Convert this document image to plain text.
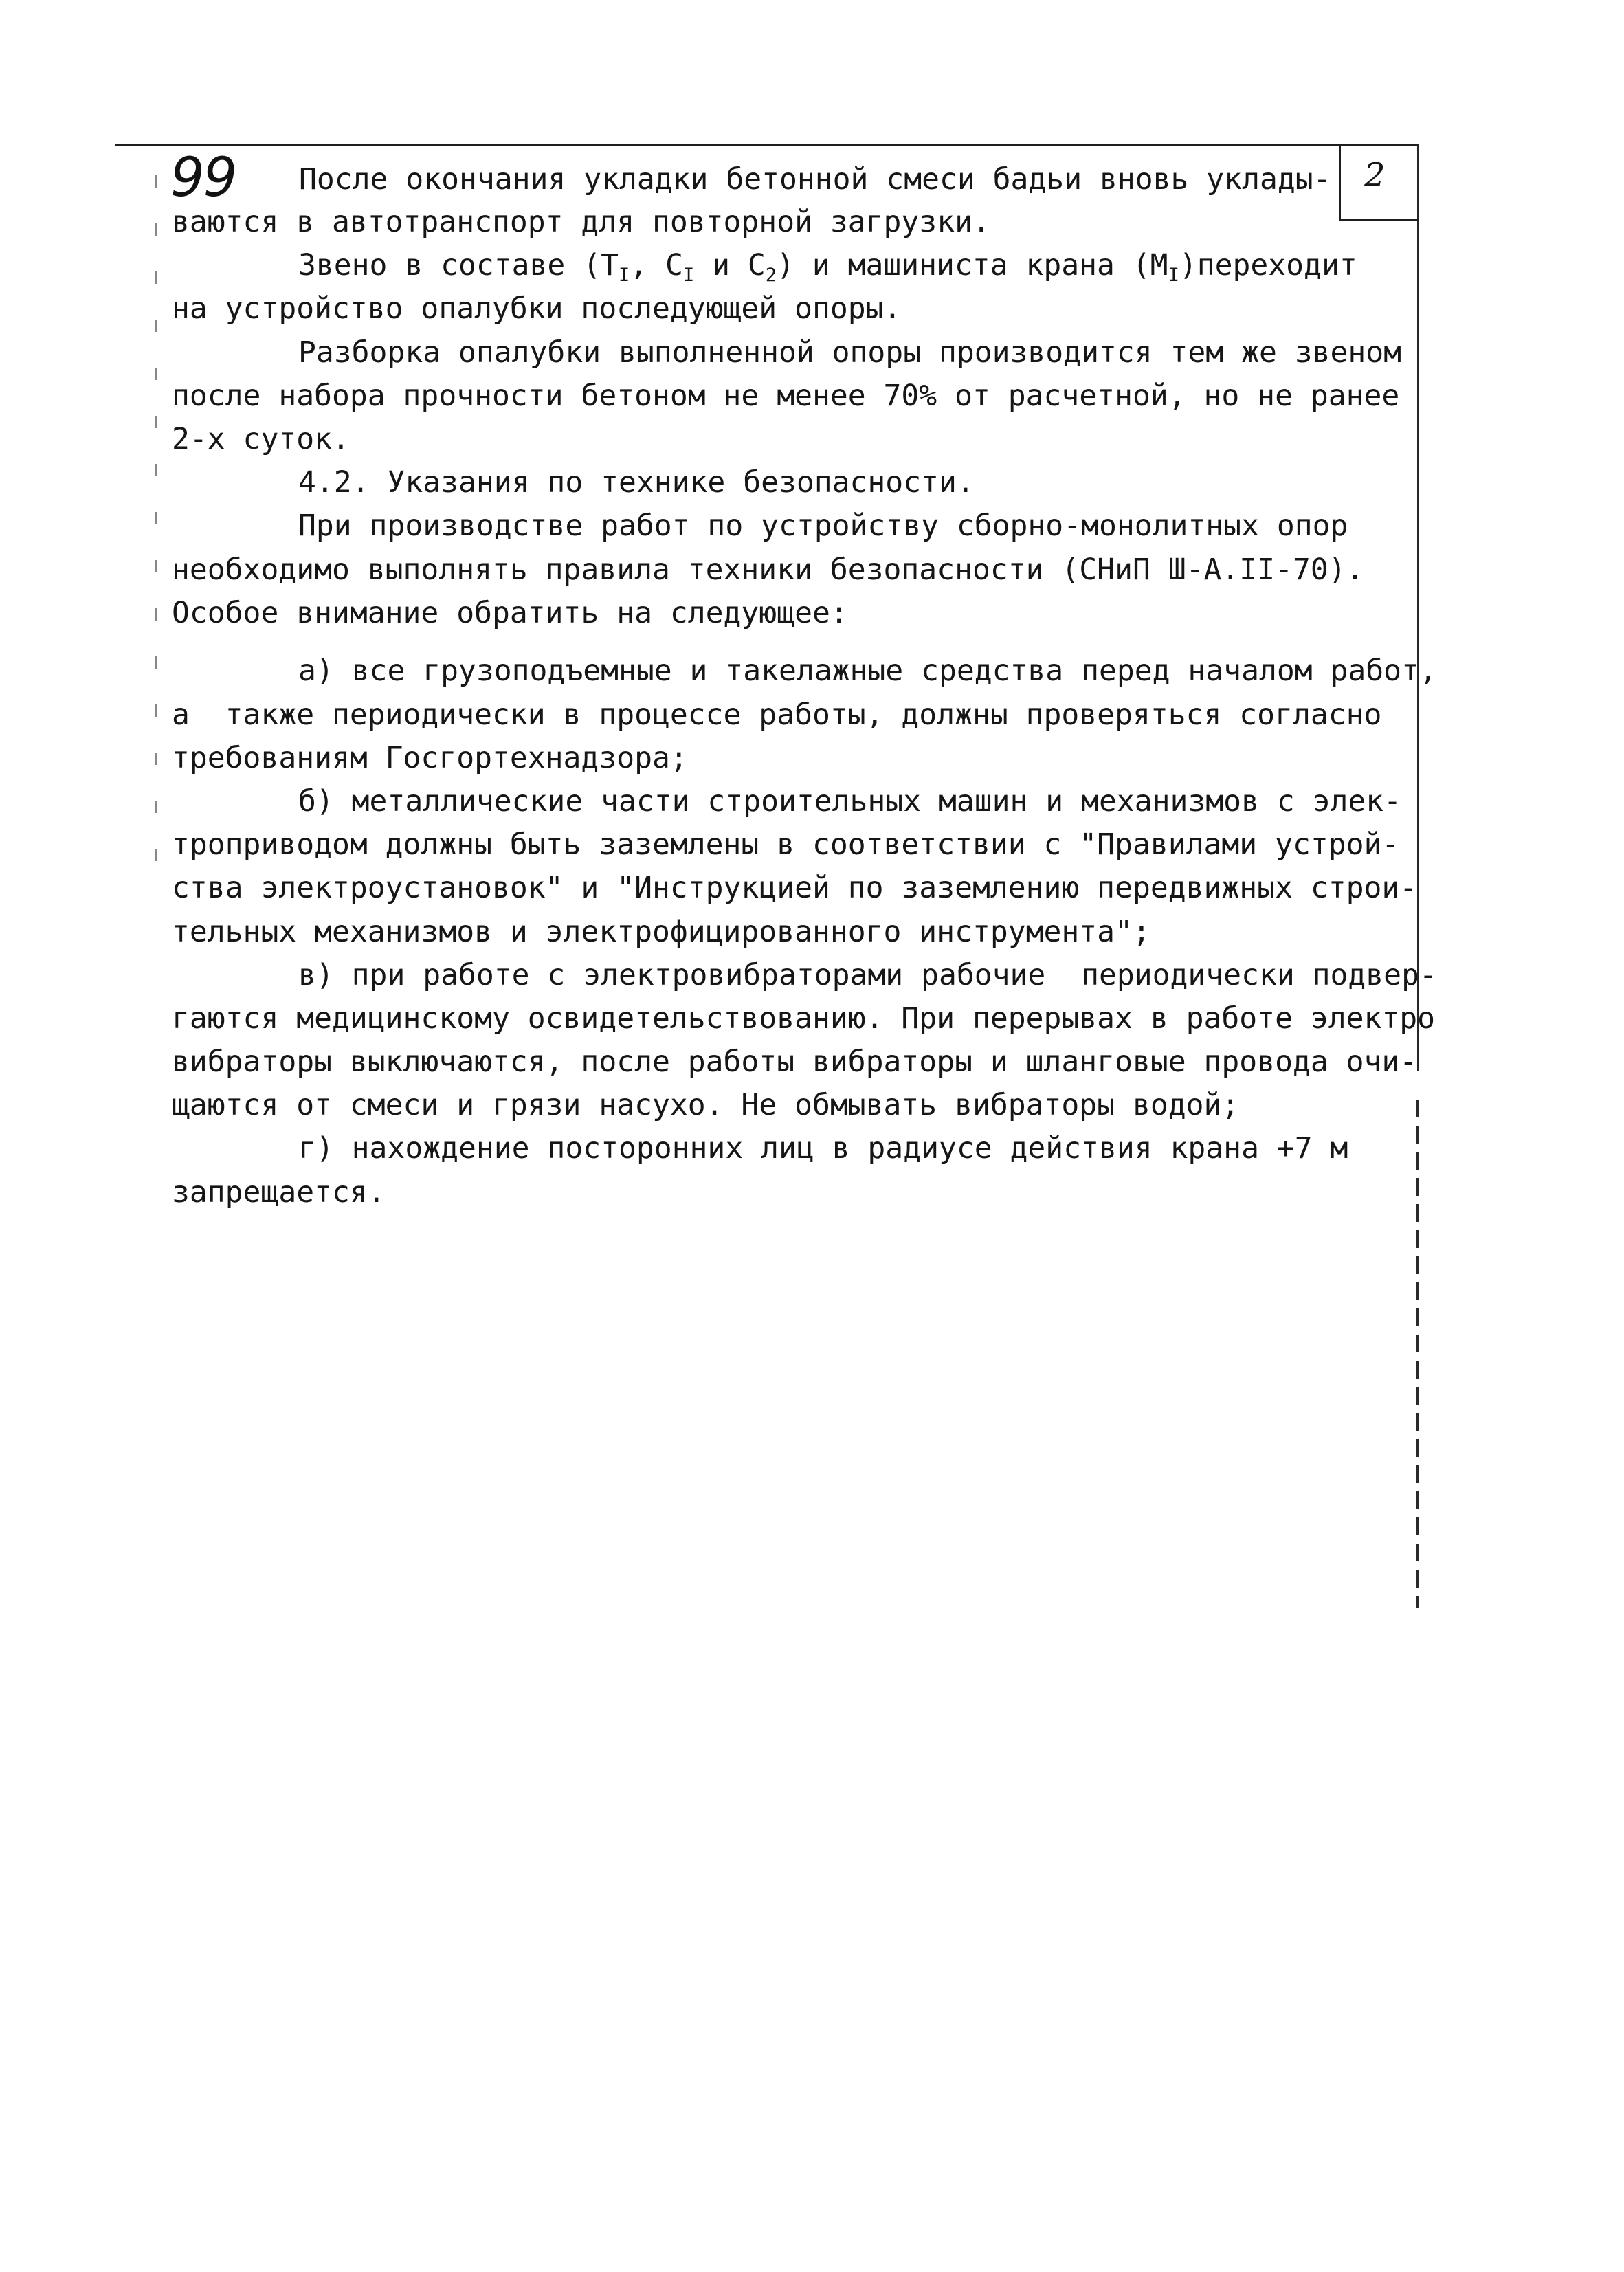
2
99 После окончания укладки бетонной смеси бадьи вновь уклады-
ваются в автотранспорт для повторной загрузки.
Звено в составе ($Т_I$, $С_I$ и $С_2$) и машиниста крана $(М_I)переходит$
на устройство опалубки последующей опоры.
Разборка опалубки выполненной опоры производится тем же звеном
после набора прочности бетоном не менее 70% от расчетной, но не ранее
2-х суток.
4.2. Указания по технике безопасности.
При производстве работ по устройству сборно-монолитных опор
необходимо выполнять правила техники безопасности (СНиП Ш-А.II-70).
Особое внимание обратить на следующее:
а) все грузоподъемные и такелажные средства перед началом работ,
а  также периодически в процессе работы, должны проверяться согласно
требованиям Госгортехнадзора;
б) металлические части строительных машин и механизмов с элек-
троприводом должны быть заземлены в соответствии с "Правилами устрой-
ства электроустановок" и "Инструкцией по заземлению передвижных строи-
тельных механизмов и электрофицированного инструмента";
в) при работе с электровибраторами рабочие  периодически подвер-
гаются медицинскому освидетельствованию. При перерывах в работе электро
вибраторы выключаются, после работы вибраторы и шланговые провода очи-
щаются от смеси и грязи насухо. Не обмывать вибраторы водой;
г) нахождение посторонних лиц в радиусе действия крана +7 м
запрещается.
